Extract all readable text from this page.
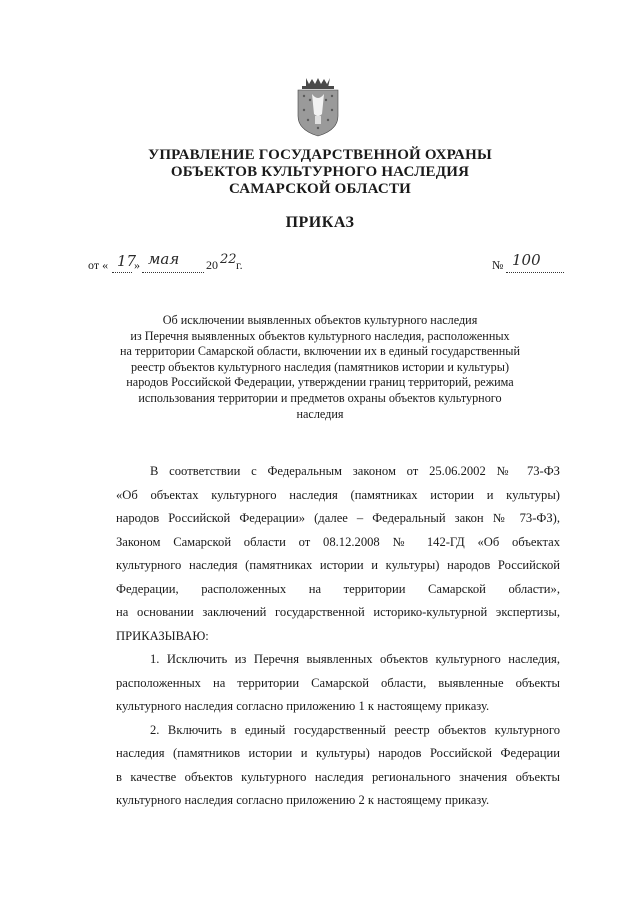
УПРАВЛЕНИЕ ГОСУДАРСТВЕННОЙ ОХРАНЫ
ОБЪЕКТОВ КУЛЬТУРНОГО НАСЛЕДИЯ
САМАРСКОЙ ОБЛАСТИ
ПРИКАЗ
от « 17
» мая 20 22 г.	№ 100
Об исключении выявленных объектов культурного наследия
из Перечня выявленных объектов культурного наследия, расположенных
на территории Самарской области, включении их в единый государственный
реестр объектов культурного наследия (памятников истории и культуры)
народов Российской Федерации, утверждении границ территорий, режима
использования территории и предметов охраны объектов культурного
наследия
В соответствии с Федеральным законом от 25.06.2002 № 73-ФЗ
«Об объектах культурного наследия (памятниках истории и культуры)
народов Российской Федерации» (далее – Федеральный закон № 73-ФЗ),
Законом Самарской области от 08.12.2008 № 142-ГД «Об объектах
культурного наследия (памятниках истории и культуры) народов Российской
Федерации, расположенных на территории Самарской области»,
на основании заключений государственной историко-культурной экспертизы,
ПРИКАЗЫВАЮ:
1. Исключить из Перечня выявленных объектов культурного наследия,
расположенных на территории Самарской области, выявленные объекты
культурного наследия согласно приложению 1 к настоящему приказу.
2. Включить в единый государственный реестр объектов культурного
наследия (памятников истории и культуры) народов Российской Федерации
в качестве объектов культурного наследия регионального значения объекты
культурного наследия согласно приложению 2 к настоящему приказу.
